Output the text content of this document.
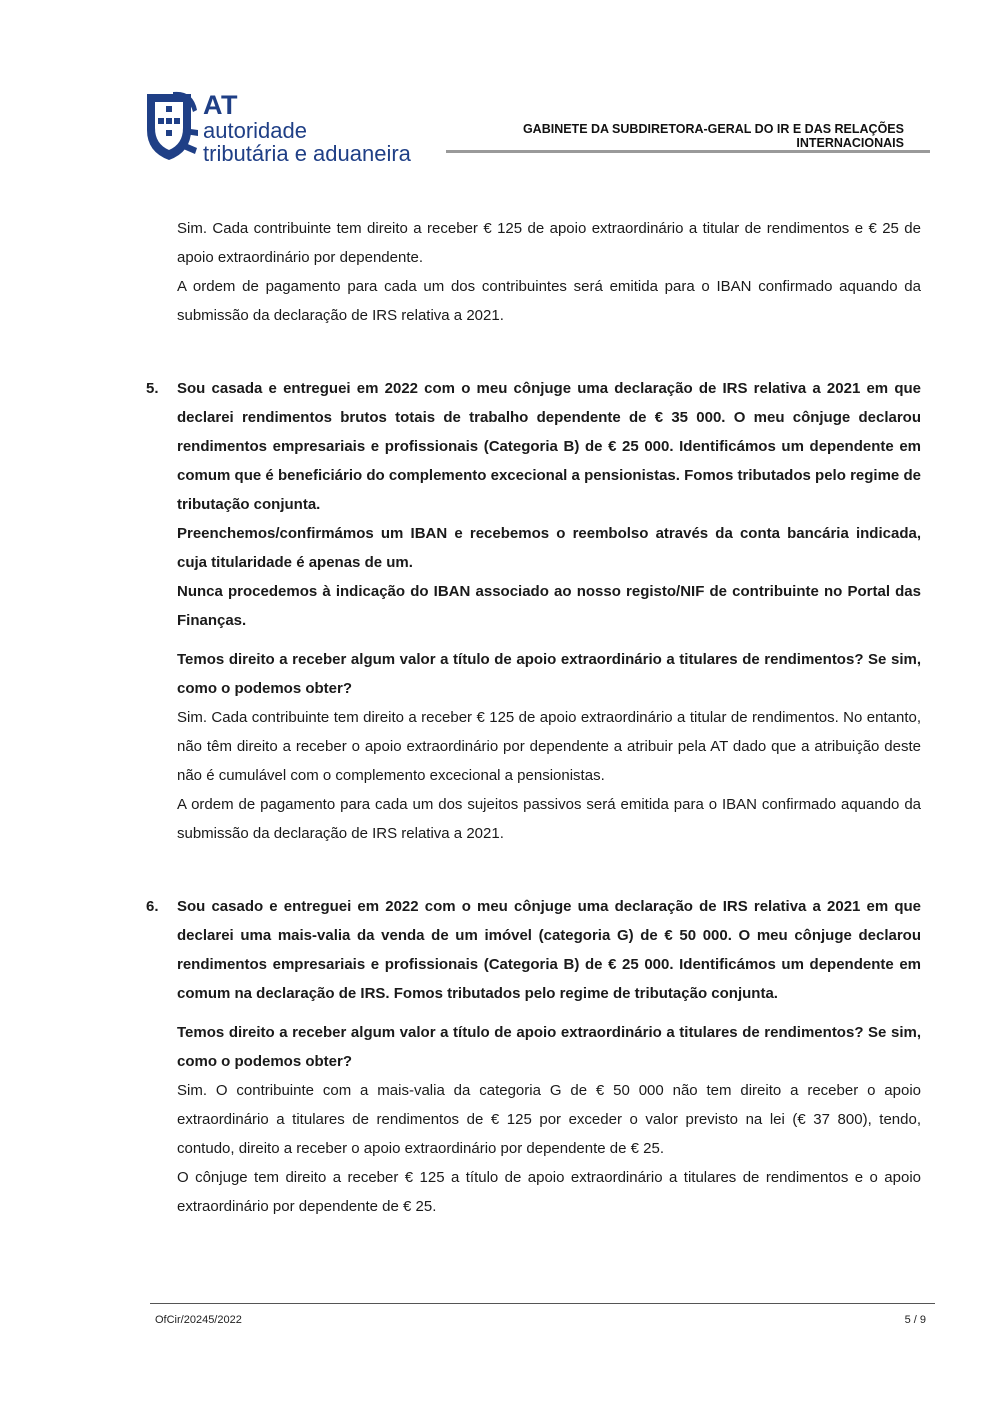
AT
autoridade
tributária e aduaneira
GABINETE DA SUBDIRETORA-GERAL DO IR E DAS RELAÇÕES
INTERNACIONAIS

Sim. Cada contribuinte tem direito a receber € 125 de apoio extraordinário a titular de rendimentos e € 25 de apoio extraordinário por dependente.

A ordem de pagamento para cada um dos contribuintes será emitida para o IBAN confirmado aquando da submissão da declaração de IRS relativa a 2021.

5. Sou casada e entreguei em 2022 com o meu cônjuge uma declaração de IRS relativa a 2021 em que declarei rendimentos brutos totais de trabalho dependente de € 35 000. O meu cônjuge declarou rendimentos empresariais e profissionais (Categoria B) de € 25 000. Identificámos um dependente em comum que é beneficiário do complemento excecional a pensionistas. Fomos tributados pelo regime de tributação conjunta.

Preenchemos/confirmámos um IBAN e recebemos o reembolso através da conta bancária indicada, cuja titularidade é apenas de um.

Nunca procedemos à indicação do IBAN associado ao nosso registo/NIF de contribuinte no Portal das Finanças.

Temos direito a receber algum valor a título de apoio extraordinário a titulares de rendimentos? Se sim, como o podemos obter?

Sim. Cada contribuinte tem direito a receber € 125 de apoio extraordinário a titular de rendimentos. No entanto, não têm direito a receber o apoio extraordinário por dependente a atribuir pela AT dado que a atribuição deste não é cumulável com o complemento excecional a pensionistas.

A ordem de pagamento para cada um dos sujeitos passivos será emitida para o IBAN confirmado aquando da submissão da declaração de IRS relativa a 2021.

6. Sou casado e entreguei em 2022 com o meu cônjuge uma declaração de IRS relativa a 2021 em que declarei uma mais-valia da venda de um imóvel (categoria G) de € 50 000. O meu cônjuge declarou rendimentos empresariais e profissionais (Categoria B) de € 25 000. Identificámos um dependente em comum na declaração de IRS. Fomos tributados pelo regime de tributação conjunta.

Temos direito a receber algum valor a título de apoio extraordinário a titulares de rendimentos? Se sim, como o podemos obter?

Sim. O contribuinte com a mais-valia da categoria G de € 50 000 não tem direito a receber o apoio extraordinário a titulares de rendimentos de € 125 por exceder o valor previsto na lei (€ 37 800), tendo, contudo, direito a receber o apoio extraordinário por dependente de € 25.

O cônjuge tem direito a receber € 125 a título de apoio extraordinário a titulares de rendimentos e o apoio extraordinário por dependente de € 25.

OfCir/20245/2022	5 / 9
